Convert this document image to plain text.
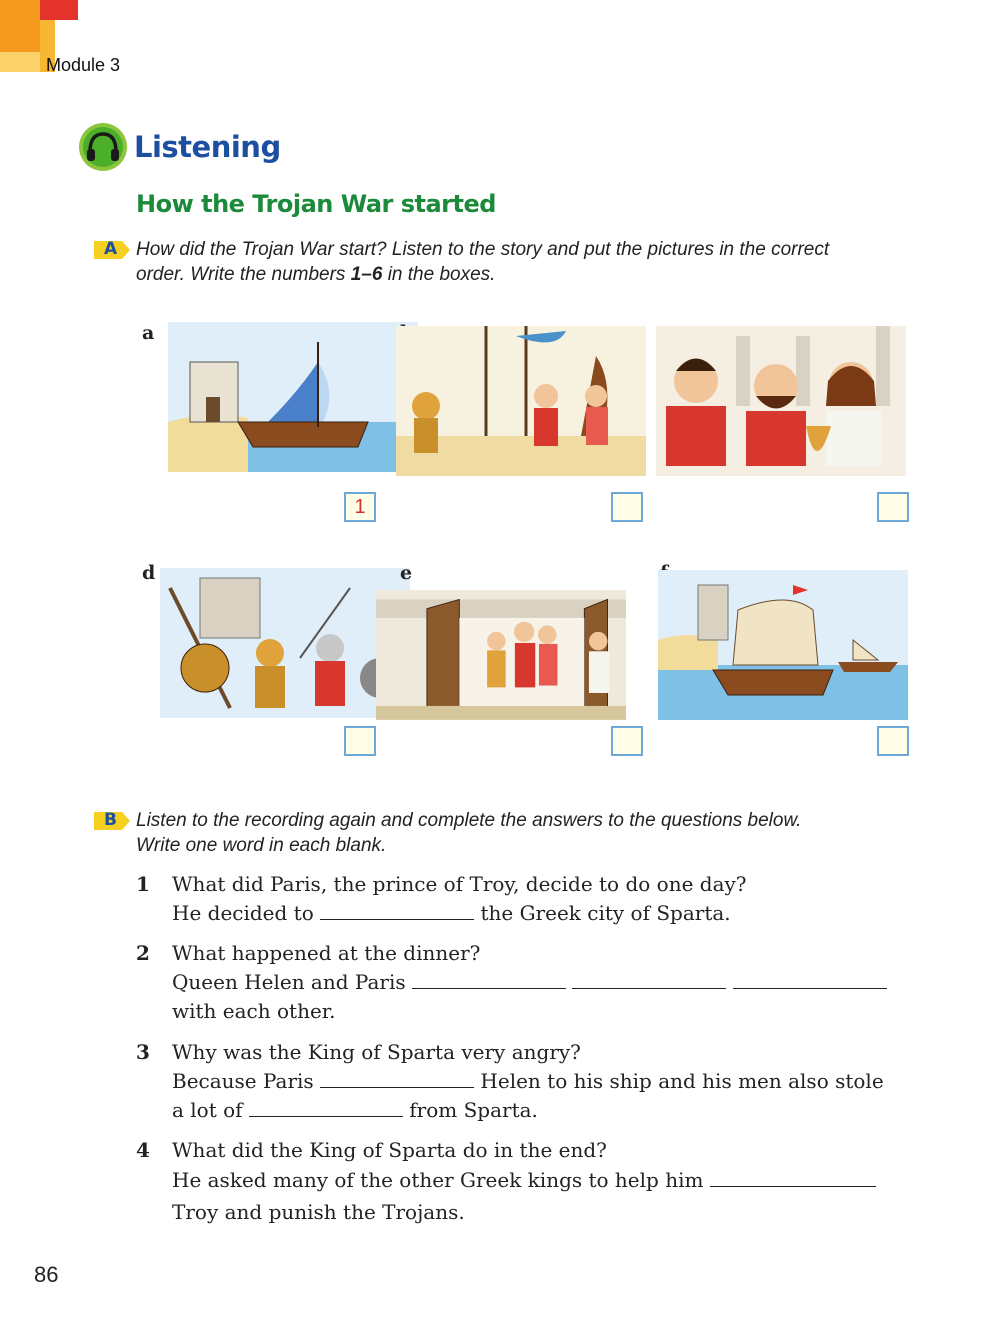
Module 3
Listening
How the Trojan War started
A How did the Trojan War start? Listen to the story and put the pictures in the correct
order. Write the numbers 1–6 in the boxes.
a
1
d	e
B Listen to the recording again and complete the answers to the questions below.
Write one word in each blank.
1 What did Paris, the prince of Troy, decide to do one day?
He decided to	the Greek city of Sparta.
2 What happened at the dinner?
Queen Helen and Paris
with each other.
3 Why was the King of Sparta very angry?
Because Paris	Helen to his ship and his men also stole
a lot of	from Sparta.
4 What did the King of Sparta do in the end?
He asked many of the other Greek kings to help him
Troy and punish the Trojans.
86
